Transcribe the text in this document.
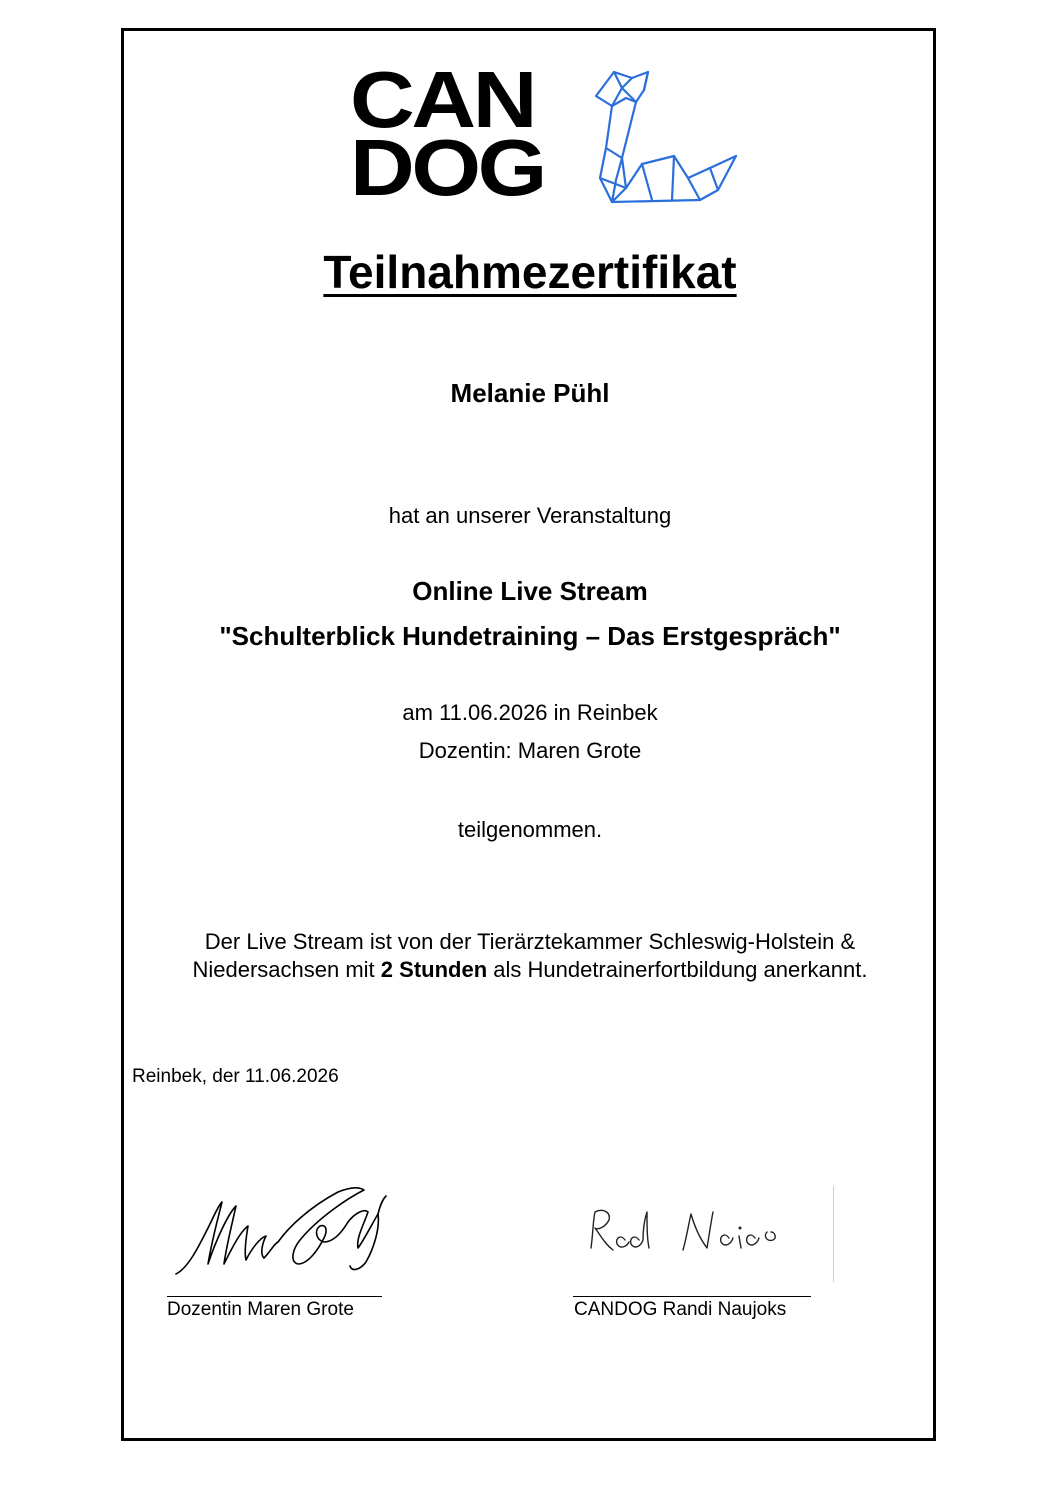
CAN
DOG
Teilnahmezertifikat
Melanie Pühl
hat an unserer Veranstaltung
Online Live Stream
"Schulterblick Hundetraining – Das Erstgespräch"
am 11.06.2026 in Reinbek
Dozentin: Maren Grote
teilgenommen.
Der Live Stream ist von der Tierärztekammer Schleswig-Holstein &
Niedersachsen mit 2 Stunden als Hundetrainerfortbildung anerkannt.
Reinbek, der 11.06.2026
Dozentin Maren Grote	CANDOG Randi Naujoks
